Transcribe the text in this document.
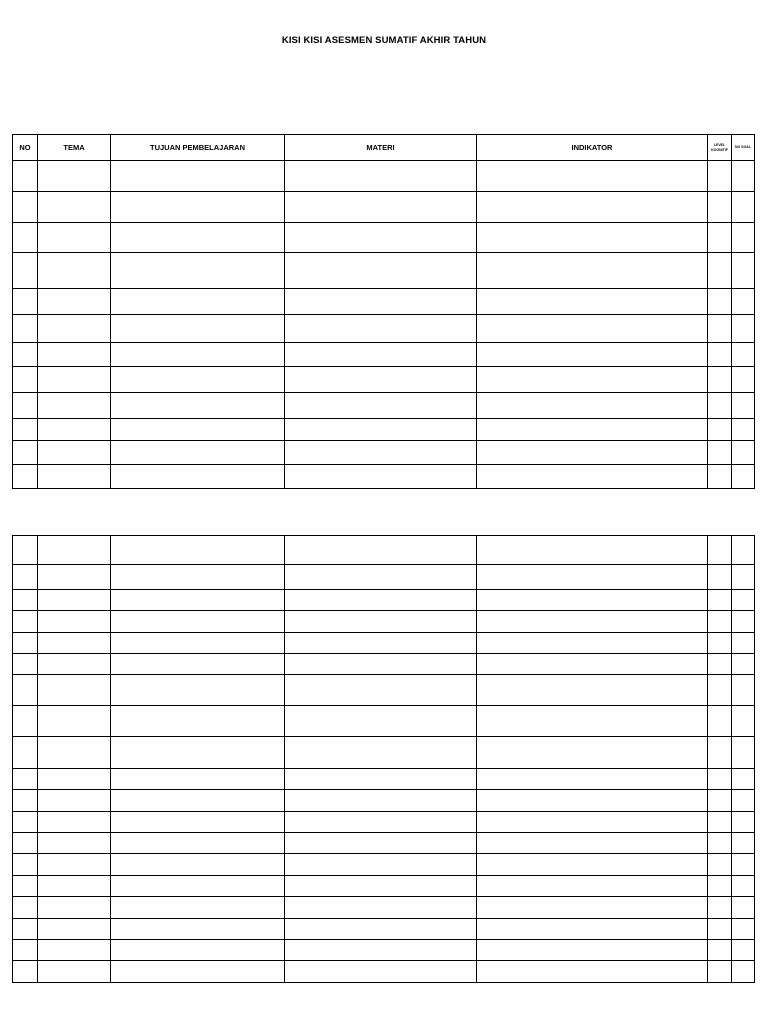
KISI KISI ASESMEN SUMATIF AKHIR TAHUN
NO	TEMA	TUJUAN PEMBELAJARAN	MATERI	INDIKATOR	LEVEL KOGNITIF	NO SOAL
